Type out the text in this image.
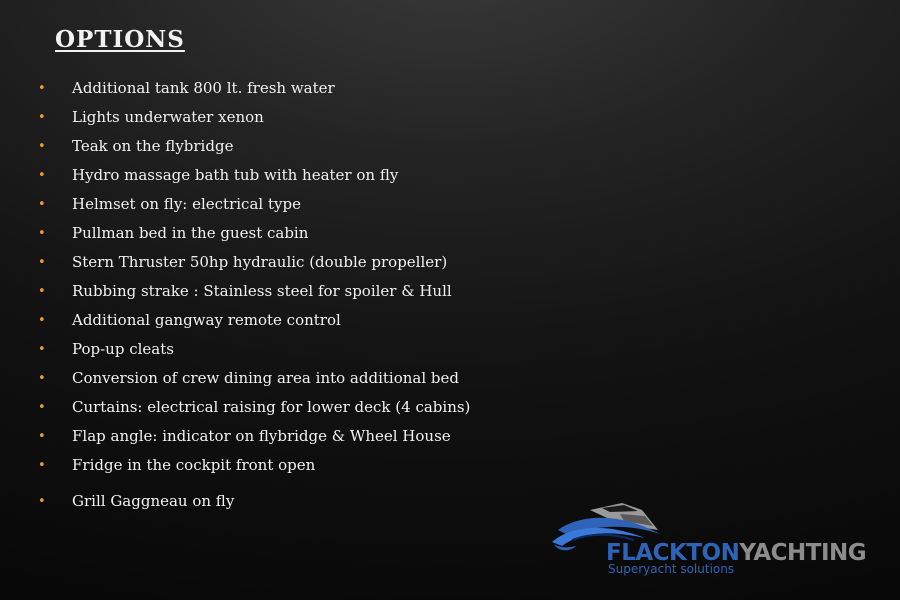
OPTIONS
• Additional tank 800 lt. fresh water
• Lights underwater xenon
• Teak on the flybridge
• Hydro massage bath tub with heater on fly
• Helmset on fly: electrical type
• Pullman bed in the guest cabin
• Stern Thruster 50hp hydraulic (double propeller)
• Rubbing strake : Stainless steel for spoiler & Hull
• Additional gangway remote control
• Pop-up cleats
• Conversion of crew dining area into additional bed
• Curtains: electrical raising for lower deck (4 cabins)
• Flap angle: indicator on flybridge & Wheel House
• Fridge in the cockpit front open
• Grill Gaggneau on fly
FLACKTONYACHTING
Superyacht solutions
